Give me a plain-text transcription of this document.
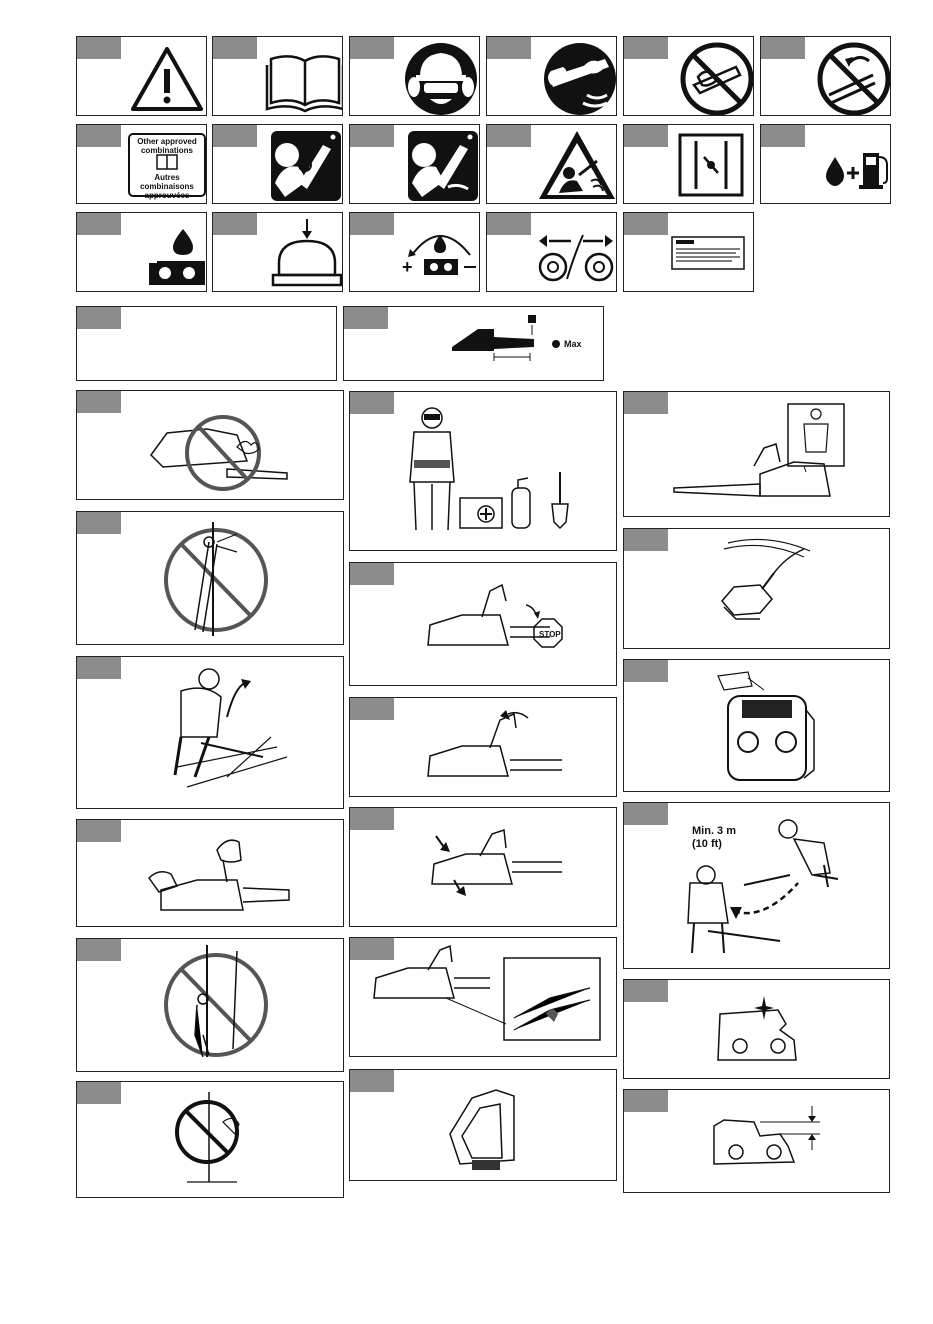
Other approved
combinations
Autres combinaisons
approuvées
+
Max
STOP
Min. 3 m
(10 ft)
